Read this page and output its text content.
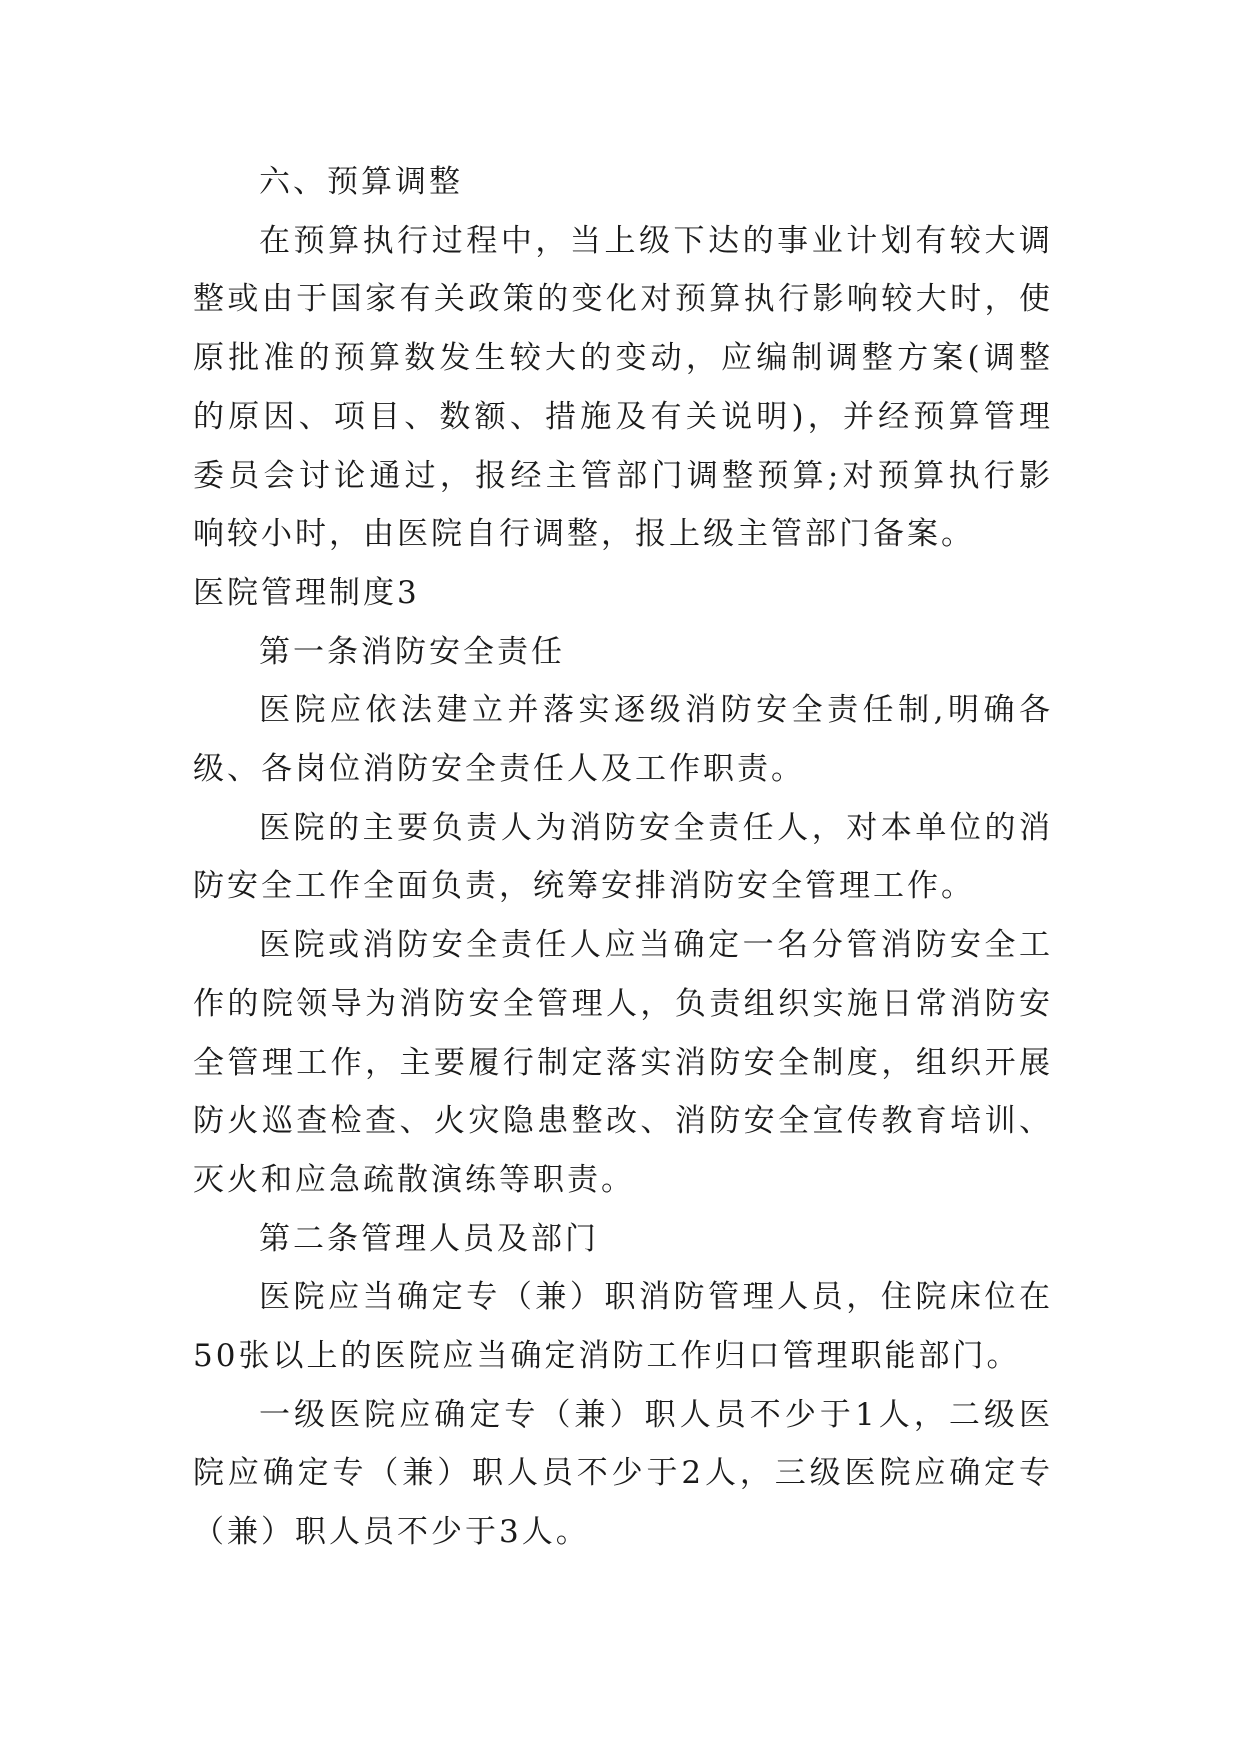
六、预算调整

在预算执行过程中，当上级下达的事业计划有较大调整或由于国家有关政策的变化对预算执行影响较大时，使原批准的预算数发生较大的变动，应编制调整方案(调整的原因、项目、数额、措施及有关说明)，并经预算管理委员会讨论通过，报经主管部门调整预算;对预算执行影响较小时，由医院自行调整，报上级主管部门备案。

医院管理制度3

第一条消防安全责任

医院应依法建立并落实逐级消防安全责任制,明确各级、各岗位消防安全责任人及工作职责。

医院的主要负责人为消防安全责任人，对本单位的消防安全工作全面负责，统筹安排消防安全管理工作。

医院或消防安全责任人应当确定一名分管消防安全工作的院领导为消防安全管理人，负责组织实施日常消防安全管理工作，主要履行制定落实消防安全制度，组织开展防火巡查检查、火灾隐患整改、消防安全宣传教育培训、灭火和应急疏散演练等职责。

第二条管理人员及部门

医院应当确定专（兼）职消防管理人员，住院床位在50张以上的医院应当确定消防工作归口管理职能部门。

一级医院应确定专（兼）职人员不少于1人，二级医院应确定专（兼）职人员不少于2人，三级医院应确定专（兼）职人员不少于3人。
